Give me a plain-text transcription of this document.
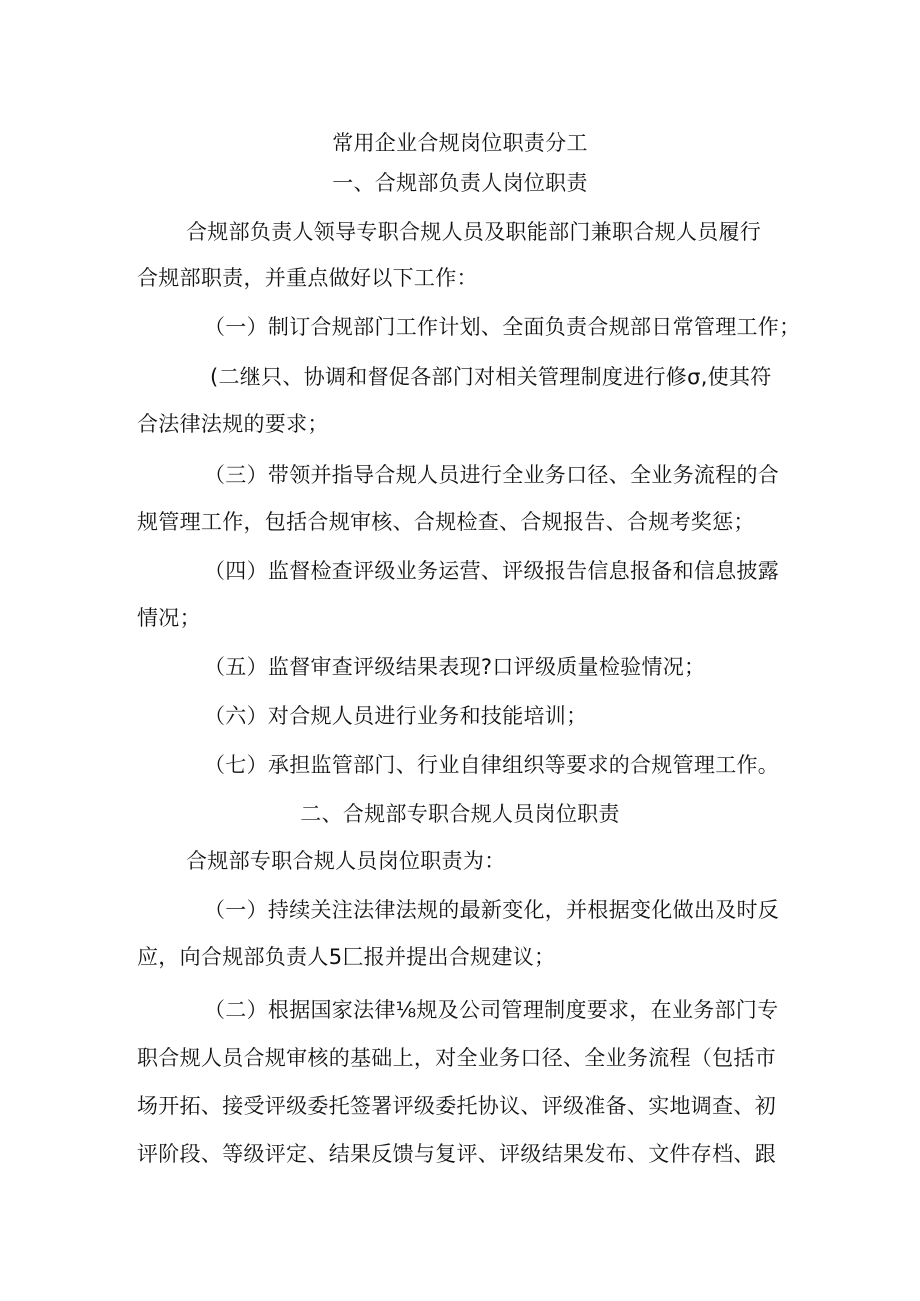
常用企业合规岗位职责分工
一、合规部负责人岗位职责
合规部负责人领导专职合规人员及职能部门兼职合规人员履行
合规部职责，并重点做好以下工作：
（一）制订合规部门工作计划、全面负责合规部日常管理工作；
(二继只、协调和督促各部门对相关管理制度进行修σ,使其符
合法律法规的要求；
（三）带领并指导合规人员进行全业务口径、全业务流程的合
规管理工作，包括合规审核、合规检查、合规报告、合规考奖惩；
（四）监督检查评级业务运营、评级报告信息报备和信息披露
情况；
（五）监督审查评级结果表现?口评级质量检验情况；
（六）对合规人员进行业务和技能培训；
（七）承担监管部门、行业自律组织等要求的合规管理工作。
二、合规部专职合规人员岗位职责
合规部专职合规人员岗位职责为：
（一）持续关注法律法规的最新变化，并根据变化做出及时反
应，向合规部负责人5匚报并提出合规建议；
（二）根据国家法律⅛规及公司管理制度要求，在业务部门专
职合规人员合规审核的基础上，对全业务口径、全业务流程（包括市
场开拓、接受评级委托签署评级委托协议、评级准备、实地调查、初
评阶段、等级评定、结果反馈与复评、评级结果发布、文件存档、跟
